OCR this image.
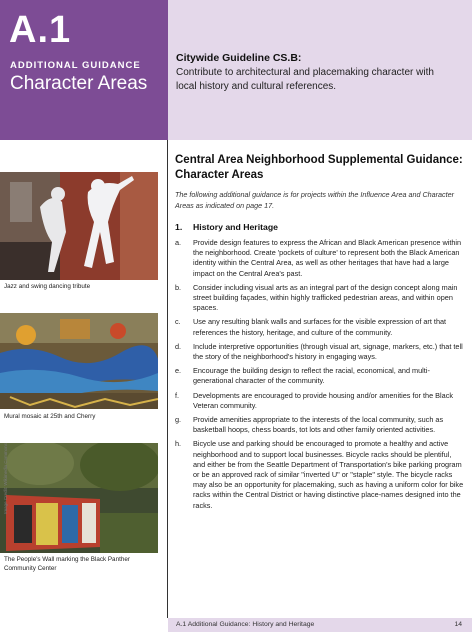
A.1
ADDITIONAL GUIDANCE
Character Areas
Citywide Guideline CS.B:
Contribute to architectural and placemaking character with local history and cultural references.
Jazz and swing dancing tribute
Mural mosaic at 25th and Cherry
Image Credit: Wikimedia Commons
The People's Wall marking the Black Panther Community Center
Central Area Neighborhood Supplemental Guidance:
Character Areas

The following additional guidance is for projects within the Influence Area and Character Areas as indicated on page 17.

1.	History and Heritage
a.	Provide design features to express the African and Black American presence within the neighborhood. Create 'pockets of culture' to represent both the Black American identity within the Central Area, as well as other heritages that have had a large impact on the Central Area's past.
b.	Consider including visual arts as an integral part of the design concept along main street building façades, within highly trafficked pedestrian areas, and within open spaces.
c.	Use any resulting blank walls and surfaces for the visible expression of art that references the history, heritage, and culture of the community.
d.	Include interpretive opportunities (through visual art, signage, markers, etc.) that tell the story of the neighborhood's history in engaging ways.
e.	Encourage the building design to reflect the racial, economical, and multi-generational character of the community.
f.	Developments are encouraged to provide housing and/or amenities for the Black Veteran community.
g.	Provide amenities appropriate to the interests of the local community, such as basketball hoops, chess boards, tot lots and other family oriented activities.
h.	Bicycle use and parking should be encouraged to promote a healthy and active neighborhood and to support local businesses. Bicycle racks should be plentiful, and either be from the Seattle Department of Transportation's bike parking program or be an approved rack of similar "inverted U" or "staple" style. The bicycle racks may also be an opportunity for placemaking, such as having a uniform color for bike racks within the Central District or having distinctive place-names designed into the racks.
A.1 Additional Guidance: History and Heritage	14
